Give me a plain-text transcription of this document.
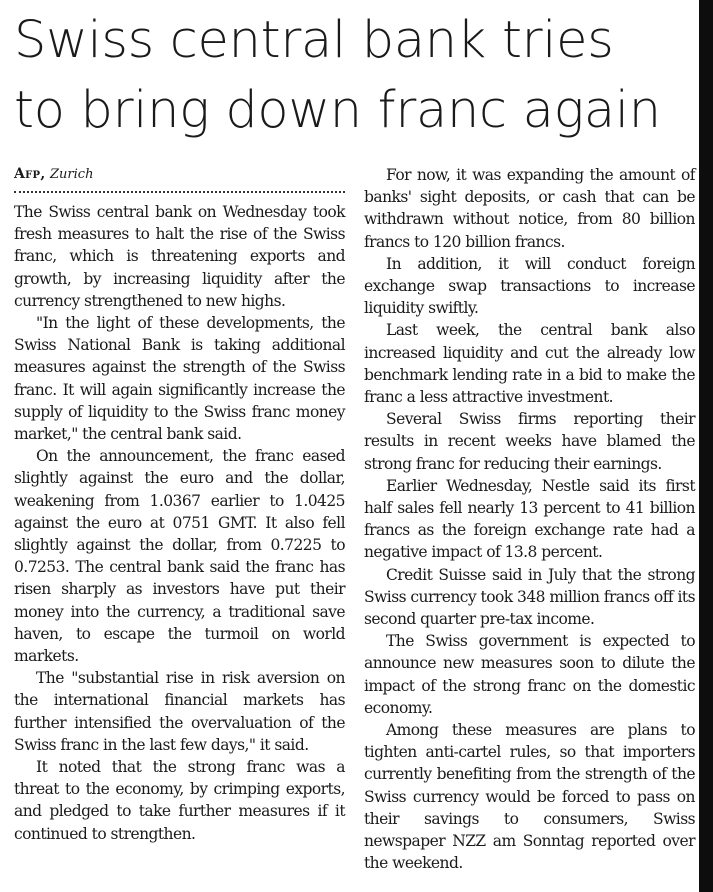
Swiss central bank tries
to bring down franc again
Afp, Zurich

The Swiss central bank on Wednesday took fresh measures to halt the rise of the Swiss franc, which is threatening exports and growth, by increasing liquidity after the currency strengthened to new highs.

"In the light of these developments, the Swiss National Bank is taking additional measures against the strength of the Swiss franc. It will again significantly increase the supply of liquidity to the Swiss franc money market," the central bank said.

On the announcement, the franc eased slightly against the euro and the dollar, weakening from 1.0367 earlier to 1.0425 against the euro at 0751 GMT. It also fell slightly against the dollar, from 0.7225 to 0.7253. The central bank said the franc has risen sharply as investors have put their money into the currency, a traditional save haven, to escape the turmoil on world markets.

The "substantial rise in risk aversion on the international financial markets has further intensified the overvaluation of the Swiss franc in the last few days," it said.

It noted that the strong franc was a threat to the economy, by crimping exports, and pledged to take further measures if it continued to strengthen.

For now, it was expanding the amount of banks' sight deposits, or cash that can be withdrawn without notice, from 80 billion francs to 120 billion francs.

In addition, it will conduct foreign exchange swap transactions to increase liquidity swiftly.

Last week, the central bank also increased liquidity and cut the already low benchmark lending rate in a bid to make the franc a less attractive investment.

Several Swiss firms reporting their results in recent weeks have blamed the strong franc for reducing their earnings.

Earlier Wednesday, Nestle said its first half sales fell nearly 13 percent to 41 billion francs as the foreign exchange rate had a negative impact of 13.8 percent.

Credit Suisse said in July that the strong Swiss currency took 348 million francs off its second quarter pre-tax income.

The Swiss government is expected to announce new measures soon to dilute the impact of the strong franc on the domestic economy.

Among these measures are plans to tighten anti-cartel rules, so that importers currently benefiting from the strength of the Swiss currency would be forced to pass on their savings to consumers, Swiss newspaper NZZ am Sonntag reported over the weekend.
